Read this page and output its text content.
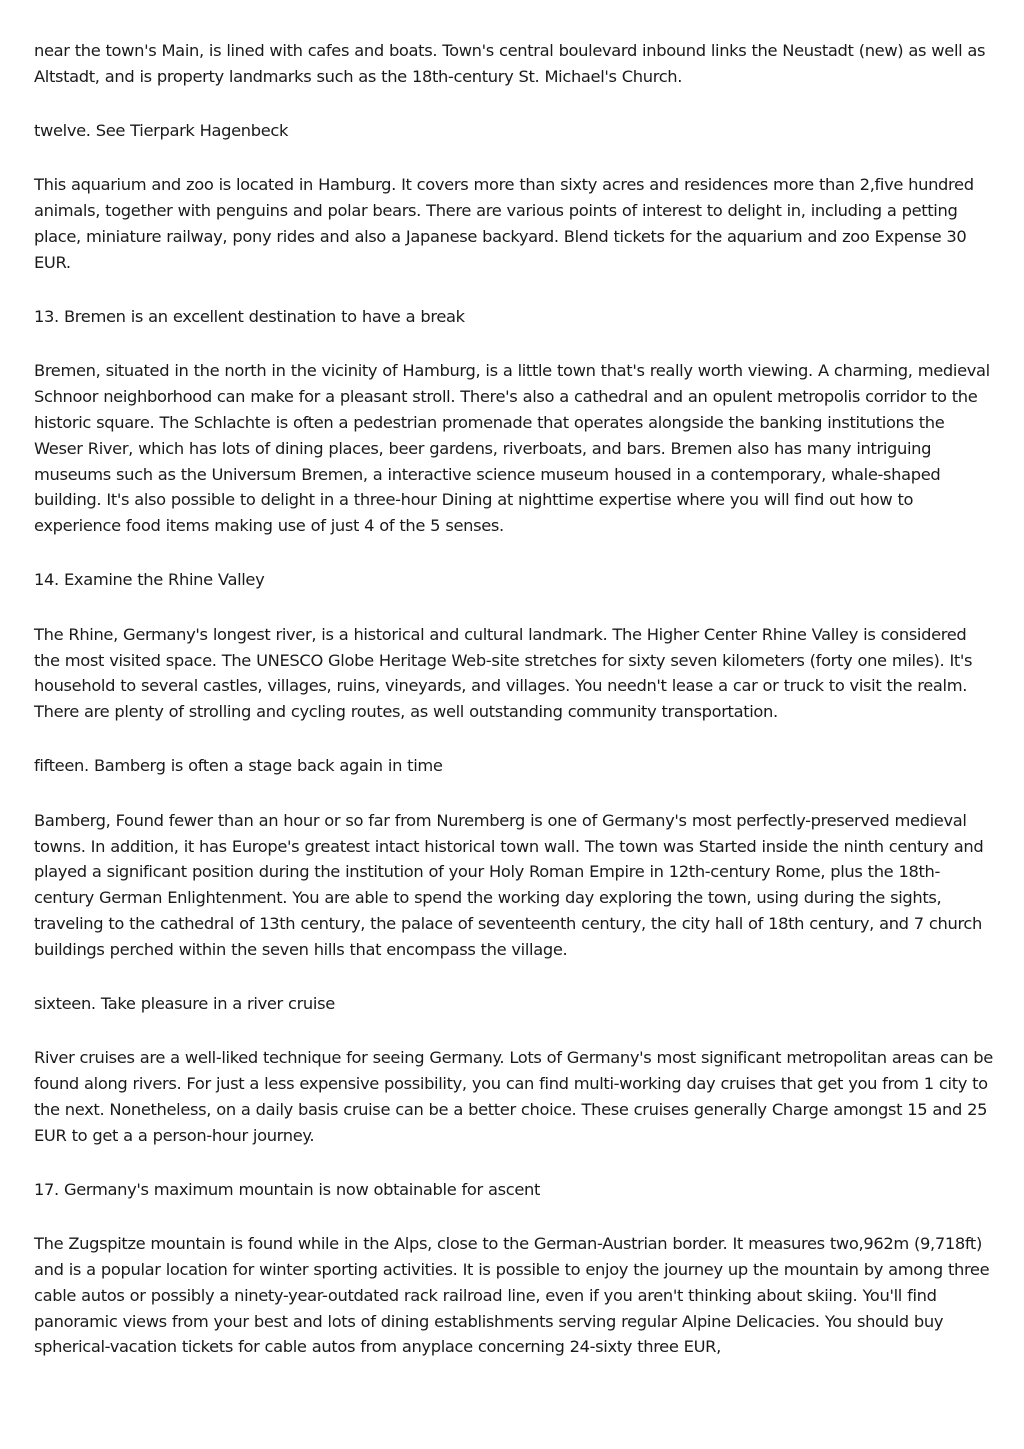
near the town's Main, is lined with cafes and boats. Town's central boulevard inbound links the Neustadt (new) as well as Altstadt, and is property landmarks such as the 18th-century St. Michael's Church.

twelve. See Tierpark Hagenbeck

This aquarium and zoo is located in Hamburg. It covers more than sixty acres and residences more than 2,five hundred animals, together with penguins and polar bears. There are various points of interest to delight in, including a petting place, miniature railway, pony rides and also a Japanese backyard. Blend tickets for the aquarium and zoo Expense 30 EUR.

13. Bremen is an excellent destination to have a break

Bremen, situated in the north in the vicinity of Hamburg, is a little town that's really worth viewing. A charming, medieval Schnoor neighborhood can make for a pleasant stroll. There's also a cathedral and an opulent metropolis corridor to the historic square. The Schlachte is often a pedestrian promenade that operates alongside the banking institutions the Weser River, which has lots of dining places, beer gardens, riverboats, and bars. Bremen also has many intriguing museums such as the Universum Bremen, a interactive science museum housed in a contemporary, whale-shaped building. It's also possible to delight in a three-hour Dining at nighttime expertise where you will find out how to experience food items making use of just 4 of the 5 senses.

14. Examine the Rhine Valley

The Rhine, Germany's longest river, is a historical and cultural landmark. The Higher Center Rhine Valley is considered the most visited space. The UNESCO Globe Heritage Web-site stretches for sixty seven kilometers (forty one miles). It's household to several castles, villages, ruins, vineyards, and villages. You needn't lease a car or truck to visit the realm. There are plenty of strolling and cycling routes, as well outstanding community transportation.

fifteen. Bamberg is often a stage back again in time

Bamberg, Found fewer than an hour or so far from Nuremberg is one of Germany's most perfectly-preserved medieval towns. In addition, it has Europe's greatest intact historical town wall. The town was Started inside the ninth century and played a significant position during the institution of your Holy Roman Empire in 12th-century Rome, plus the 18th-century German Enlightenment. You are able to spend the working day exploring the town, using during the sights, traveling to the cathedral of 13th century, the palace of seventeenth century, the city hall of 18th century, and 7 church buildings perched within the seven hills that encompass the village.

sixteen. Take pleasure in a river cruise

River cruises are a well-liked technique for seeing Germany. Lots of Germany's most significant metropolitan areas can be found along rivers. For just a less expensive possibility, you can find multi-working day cruises that get you from 1 city to the next. Nonetheless, on a daily basis cruise can be a better choice. These cruises generally Charge amongst 15 and 25 EUR to get a a person-hour journey.

17. Germany's maximum mountain is now obtainable for ascent

The Zugspitze mountain is found while in the Alps, close to the German-Austrian border. It measures two,962m (9,718ft) and is a popular location for winter sporting activities. It is possible to enjoy the journey up the mountain by among three cable autos or possibly a ninety-year-outdated rack railroad line, even if you aren't thinking about skiing. You'll find panoramic views from your best and lots of dining establishments serving regular Alpine Delicacies. You should buy spherical-vacation tickets for cable autos from anyplace concerning 24-sixty three EUR,
